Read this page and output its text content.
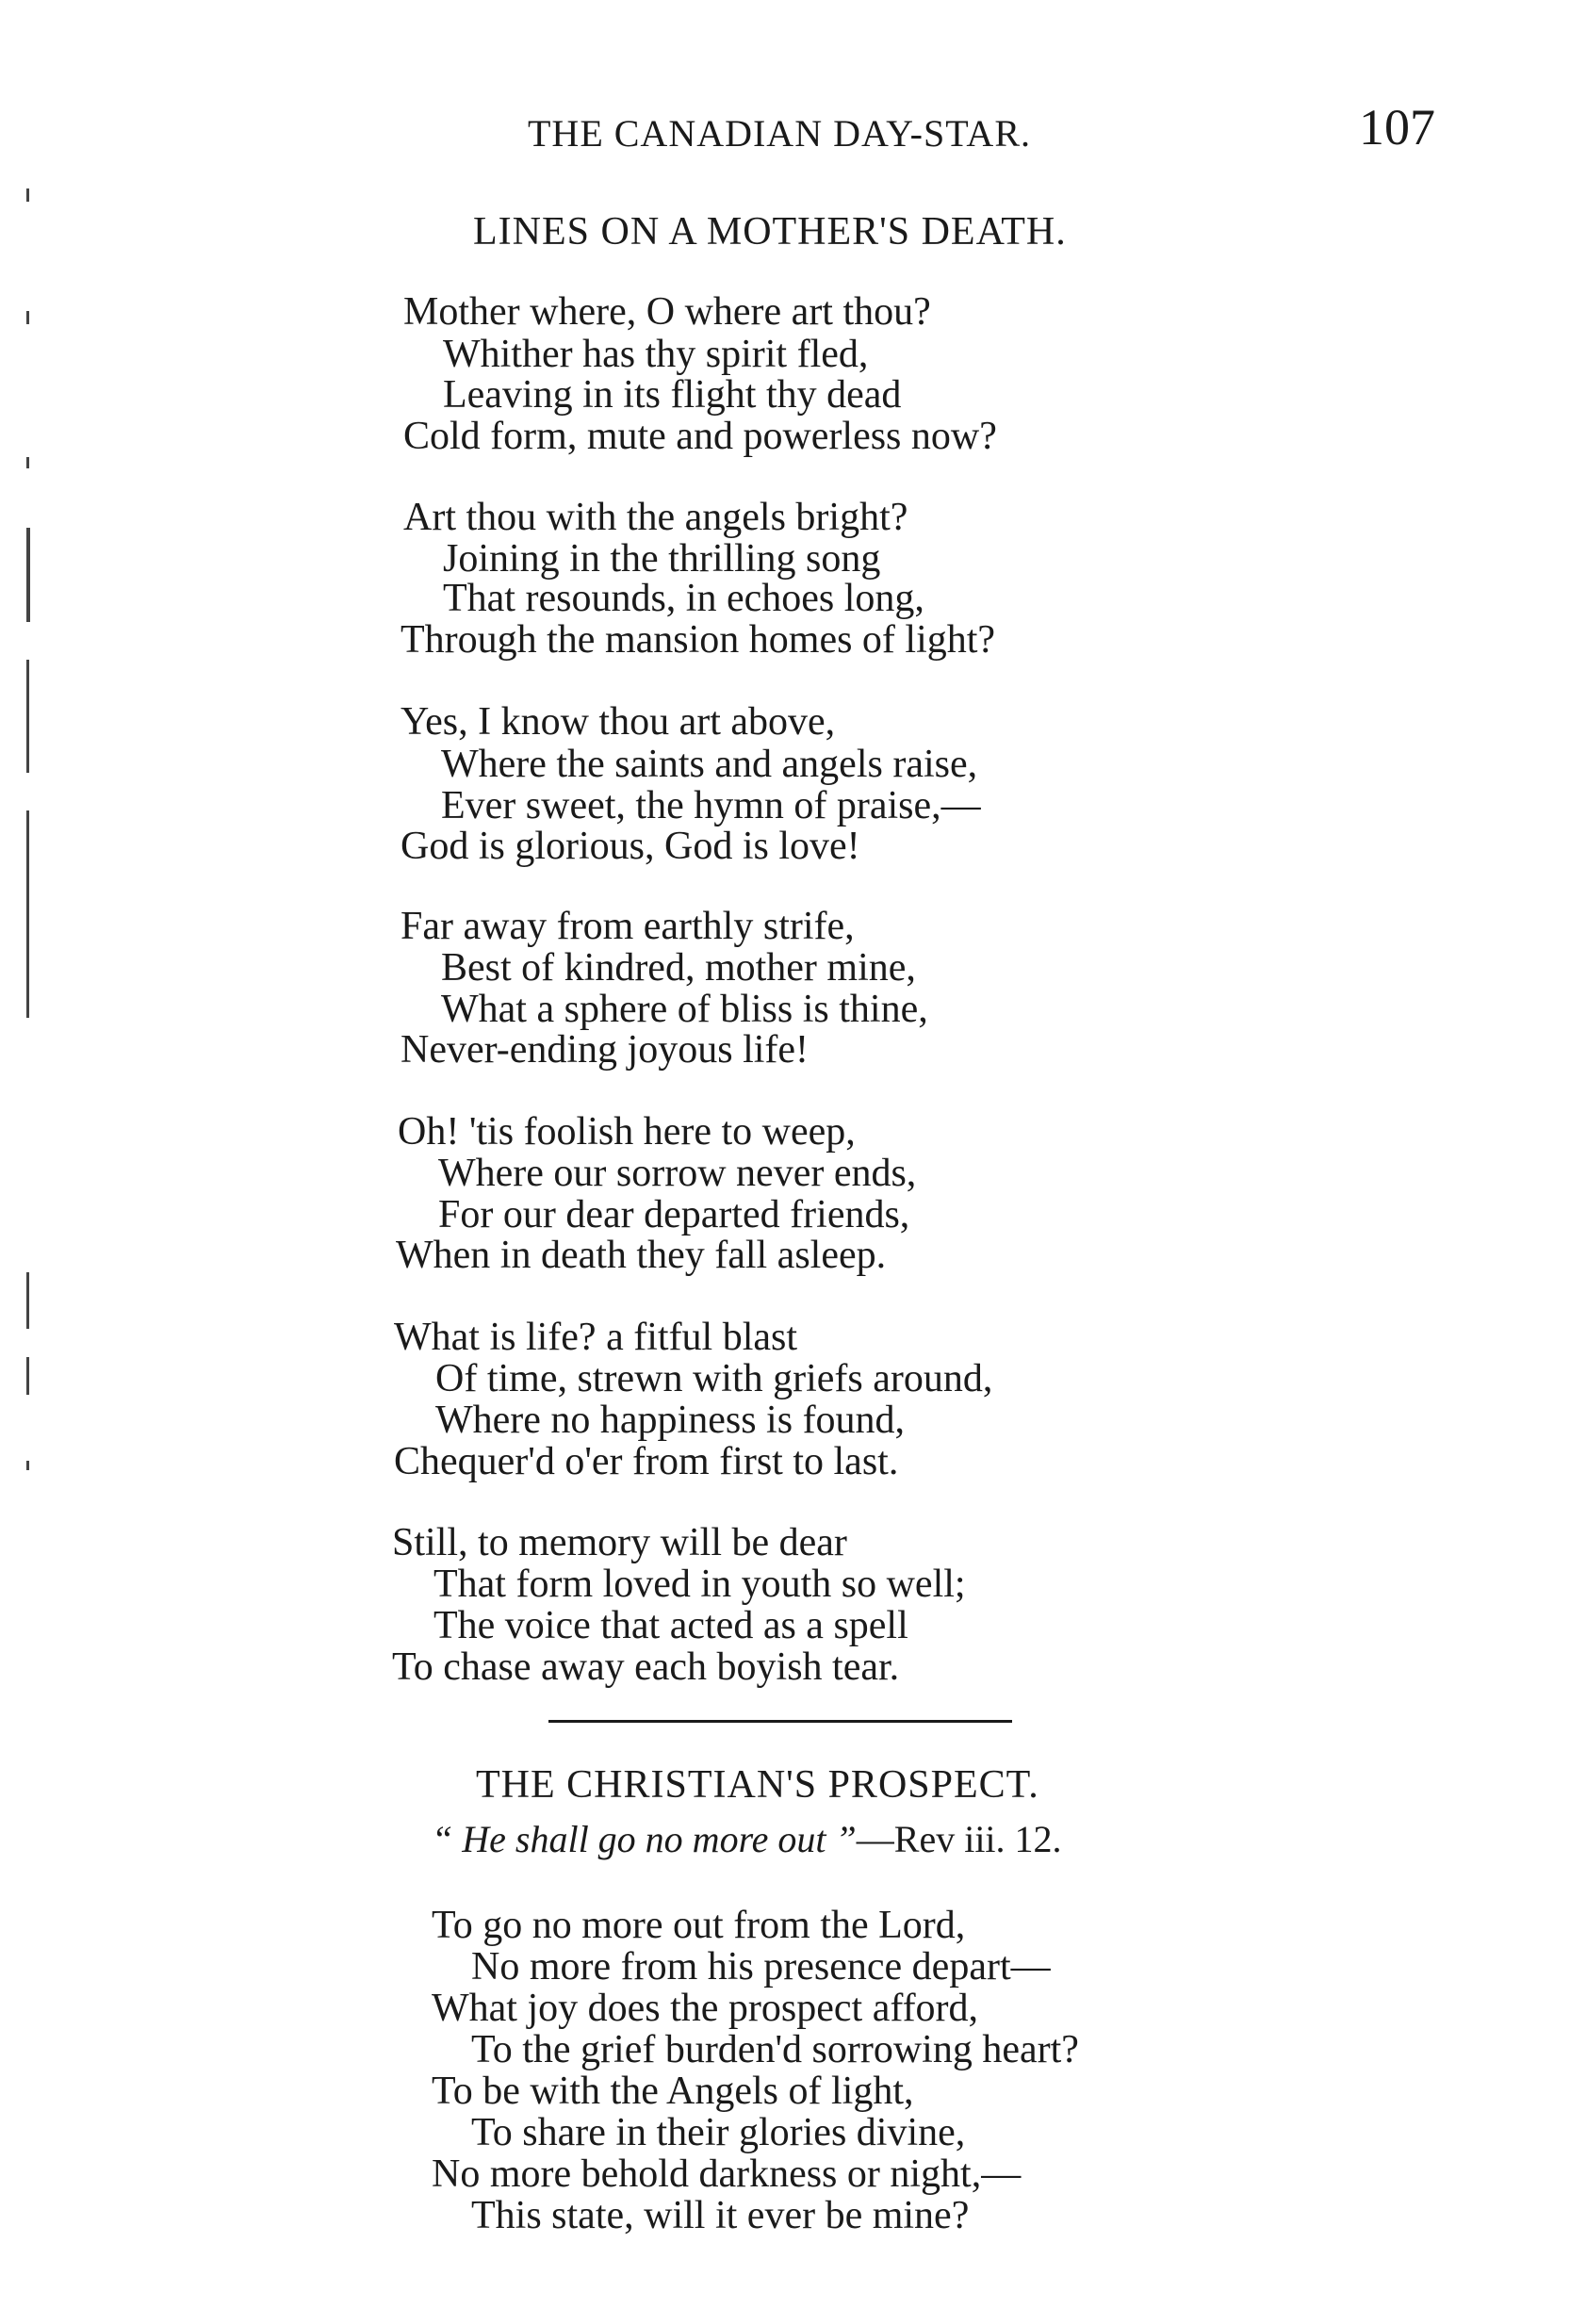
THE CANADIAN DAY-STAR.	107
LINES ON A MOTHER'S DEATH.
Mother where, O where art thou?
Whither has thy spirit fled,
Leaving in its flight thy dead
Cold form, mute and powerless now?
Art thou with the angels bright?
Joining in the thrilling song
That resounds, in echoes long,
Through the mansion homes of light?
Yes, I know thou art above,
Where the saints and angels raise,
Ever sweet, the hymn of praise,—
God is glorious, God is love!
Far away from earthly strife,
Best of kindred, mother mine,
What a sphere of bliss is thine,
Never-ending joyous life!
Oh! 'tis foolish here to weep,
Where our sorrow never ends,
For our dear departed friends,
When in death they fall asleep.
What is life? a fitful blast
Of time, strewn with griefs around,
Where no happiness is found,
Chequer'd o'er from first to last.
Still, to memory will be dear
That form loved in youth so well;
The voice that acted as a spell
To chase away each boyish tear.
THE CHRISTIAN'S PROSPECT.
“ He shall go no more out ”—Rev iii. 12.
To go no more out from the Lord,
No more from his presence depart—
What joy does the prospect afford,
To the grief burden'd sorrowing heart?
To be with the Angels of light,
To share in their glories divine,
No more behold darkness or night,—
This state, will it ever be mine?
